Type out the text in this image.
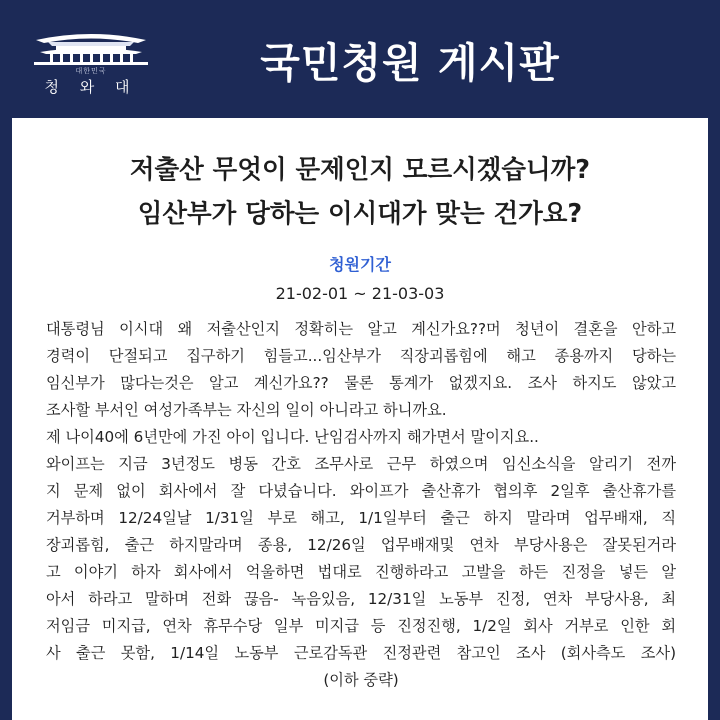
대한민국
청 와 대	국민청원 게시판
저출산 무엇이 문제인지 모르시겠습니까?
임산부가 당하는 이시대가 맞는 건가요?
청원기간
21-02-01 ~ 21-03-03
대통령님 이시대 왜 저출산인지 정확히는 알고 계신가요??머 청년이 결혼을 안하고
경력이 단절되고 집구하기 힘들고...임산부가 직장괴롭힘에 해고 종용까지 당하는
임신부가 많다는것은 알고 계신가요?? 물론 통계가 없겠지요. 조사 하지도 않았고
조사할 부서인 여성가족부는 자신의 일이 아니라고 하니까요.
제 나이40에 6년만에 가진 아이 입니다. 난임검사까지 해가면서 말이지요..
와이프는 지금 3년정도 병동 간호 조무사로 근무 하였으며 임신소식을 알리기 전까
지 문제 없이 회사에서 잘 다녔습니다. 와이프가 출산휴가 협의후 2일후 출산휴가를
거부하며 12/24일날 1/31일 부로 해고, 1/1일부터 출근 하지 말라며 업무배재, 직
장괴롭힘, 출근 하지말라며 종용, 12/26일 업무배재및 연차 부당사용은 잘못된거라
고 이야기 하자 회사에서 억울하면 법대로 진행하라고 고발을 하든 진정을 넣든 알
아서 하라고 말하며 전화 끊음- 녹음있음, 12/31일 노동부 진정, 연차 부당사용, 최
저임금 미지급, 연차 휴무수당 일부 미지급 등 진정진행, 1/2일 회사 거부로 인한 회
사 출근 못함, 1/14일 노동부 근로감독관 진정관련 참고인 조사 (회사측도 조사)
(이하 중략)
